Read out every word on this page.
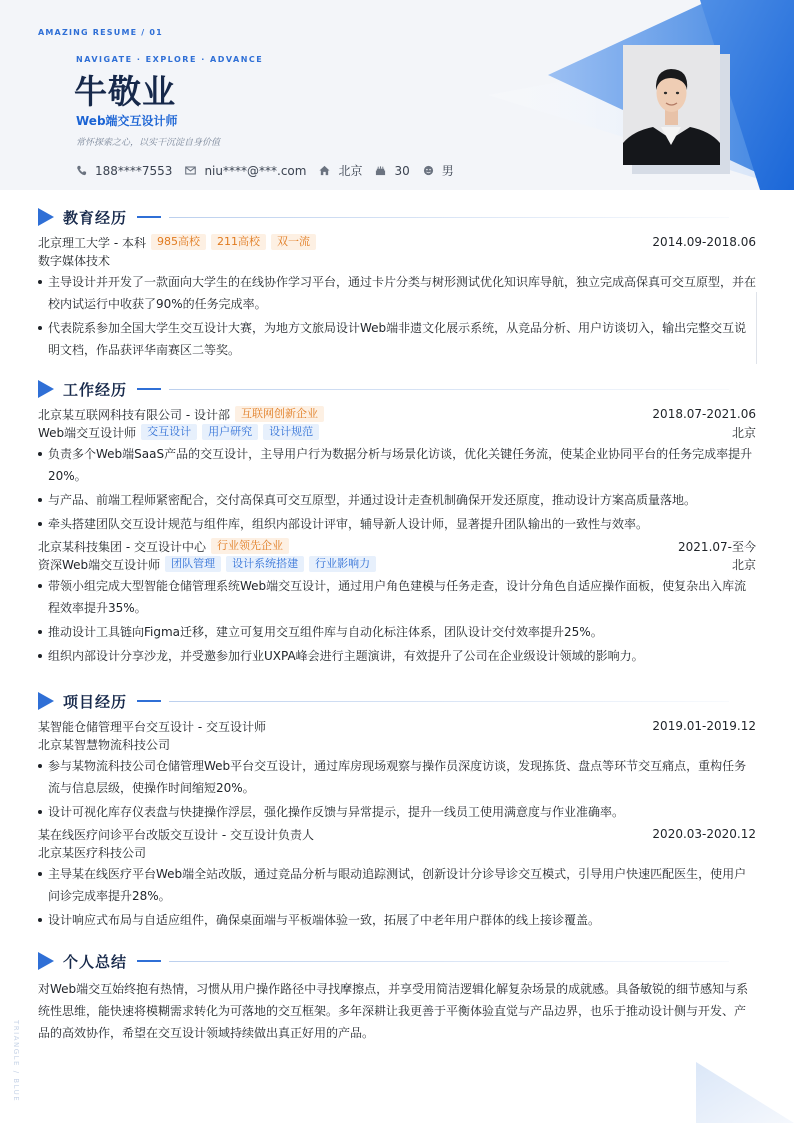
NAVIGATE · EXPLORE · ADVANCE
牛敬业
Web端交互设计师
常怀探索之心，以实干沉淀自身价值
188****7553	niu****@***.com	北京	30	男
AMAZING RESUME / 01
教育经历
北京理工大学 - 本科	985高校	211高校	双一流	2014.09-2018.06
数字媒体技术
主导设计并开发了一款面向大学生的在线协作学习平台，通过卡片分类与树形测试优化知识库导航，独立完成高保真可交互原型，并在校内试运行中收获了90%的任务完成率。
代表院系参加全国大学生交互设计大赛，为地方文旅局设计Web端非遗文化展示系统，从竞品分析、用户访谈切入，输出完整交互说明文档，作品获评华南赛区二等奖。
工作经历
北京某互联网科技有限公司 - 设计部	互联网创新企业	2018.07-2021.06
Web端交互设计师	交互设计	用户研究	设计规范	北京
负责多个Web端SaaS产品的交互设计，主导用户行为数据分析与场景化访谈，优化关键任务流，使某企业协同平台的任务完成率提升20%。
与产品、前端工程师紧密配合，交付高保真可交互原型，并通过设计走查机制确保开发还原度，推动设计方案高质量落地。
牵头搭建团队交互设计规范与组件库，组织内部设计评审，辅导新人设计师，显著提升团队输出的一致性与效率。
北京某科技集团 - 交互设计中心	行业领先企业	2021.07-至今
资深Web端交互设计师	团队管理	设计系统搭建	行业影响力	北京
带领小组完成大型智能仓储管理系统Web端交互设计，通过用户角色建模与任务走查，设计分角色自适应操作面板，使复杂出入库流程效率提升35%。
推动设计工具链向Figma迁移，建立可复用交互组件库与自动化标注体系，团队设计交付效率提升25%。
组织内部设计分享沙龙，并受邀参加行业UXPA峰会进行主题演讲，有效提升了公司在企业级设计领域的影响力。
项目经历
某智能仓储管理平台交互设计 - 交互设计师	2019.01-2019.12
北京某智慧物流科技公司
参与某物流科技公司仓储管理Web平台交互设计，通过库房现场观察与操作员深度访谈，发现拣货、盘点等环节交互痛点，重构任务流与信息层级，使操作时间缩短20%。
设计可视化库存仪表盘与快捷操作浮层，强化操作反馈与异常提示，提升一线员工使用满意度与作业准确率。
某在线医疗问诊平台改版交互设计 - 交互设计负责人	2020.03-2020.12
北京某医疗科技公司
主导某在线医疗平台Web端全站改版，通过竞品分析与眼动追踪测试，创新设计分诊导诊交互模式，引导用户快速匹配医生，使用户问诊完成率提升28%。
设计响应式布局与自适应组件，确保桌面端与平板端体验一致，拓展了中老年用户群体的线上接诊覆盖。
个人总结

对Web端交互始终抱有热情，习惯从用户操作路径中寻找摩擦点，并享受用简洁逻辑化解复杂场景的成就感。具备敏锐的细节感知与系统性思维，能快速将模糊需求转化为可落地的交互框架。多年深耕让我更善于平衡体验直觉与产品边界，也乐于推动设计侧与开发、产品的高效协作，希望在交互设计领域持续做出真正好用的产品。

TRIANGLE / BLUE
